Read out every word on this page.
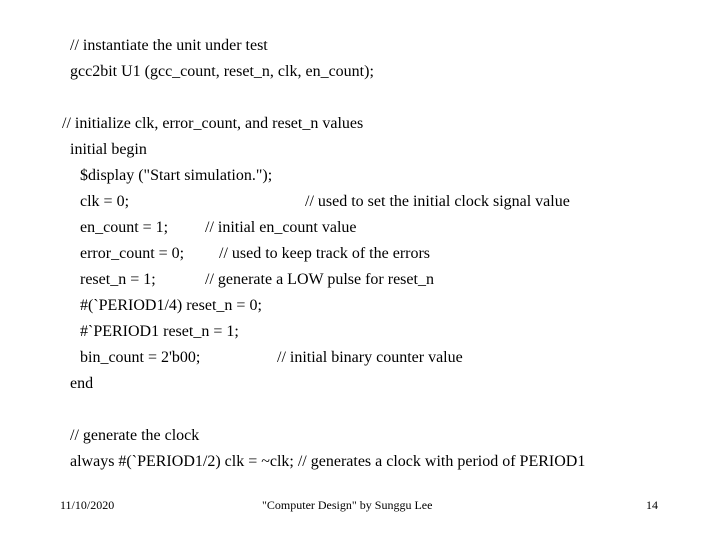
// instantiate the unit under test
gcc2bit U1 (gcc_count, reset_n, clk, en_count);
// initialize clk, error_count, and reset_n values
initial begin
$display ("Start simulation.");
clk = 0;	// used to set the initial clock signal value
en_count = 1; // initial en_count value
error_count = 0; // used to keep track of the errors
reset_n = 1;	// generate a LOW pulse for reset_n
#(`PERIOD1/4) reset_n = 0;
#`PERIOD1 reset_n = 1;
bin_count = 2'b00;	// initial binary counter value
end
// generate the clock
always #(`PERIOD1/2) clk = ~clk; // generates a clock with period of PERIOD1
11/10/2020	"Computer Design" by Sunggu Lee	14
